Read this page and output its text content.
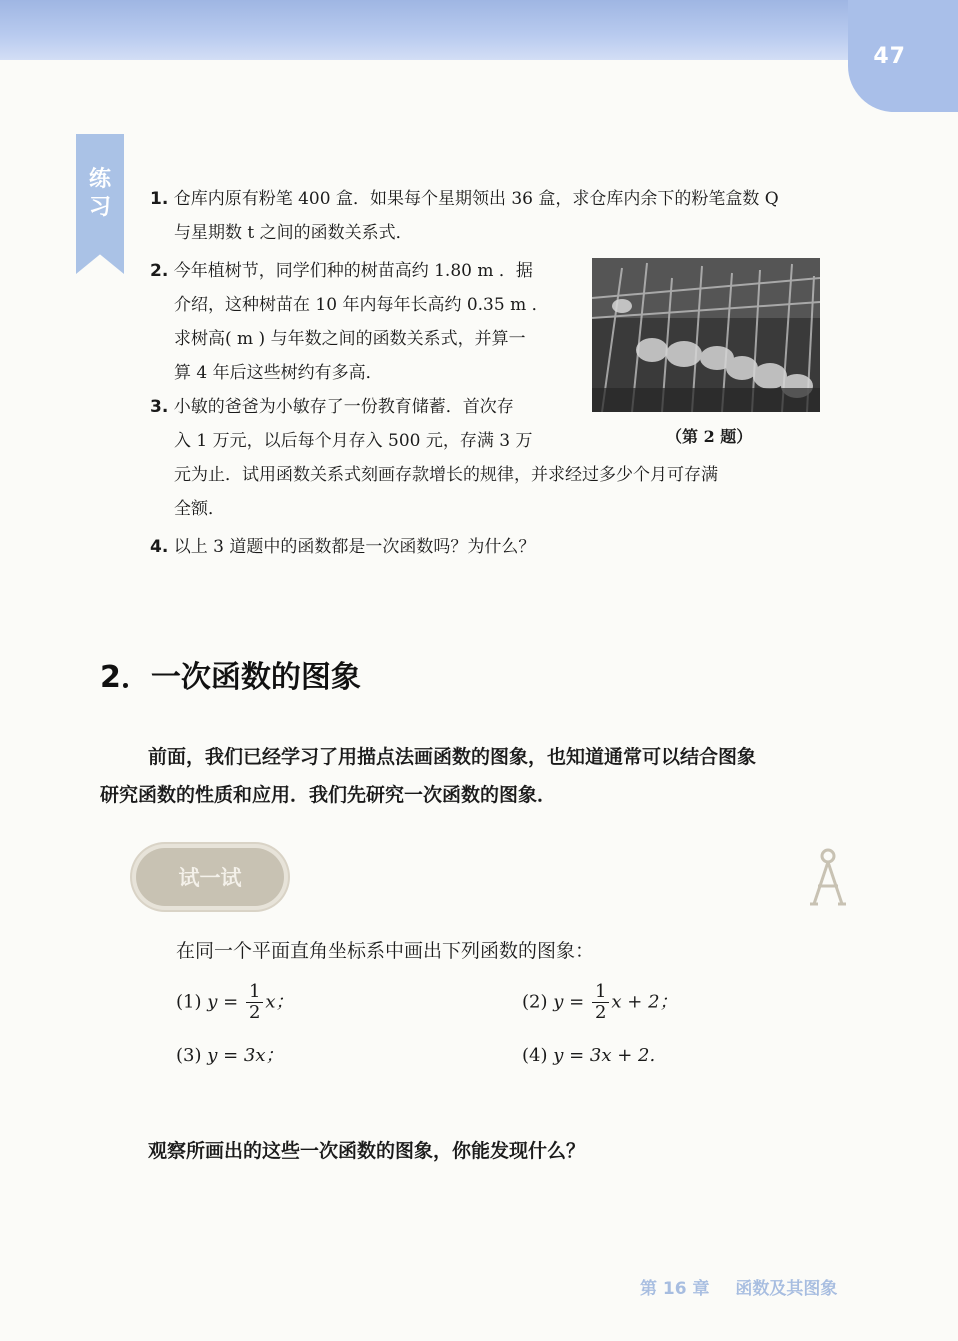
47
练
习	1. 仓库内原有粉笔 400 盒．如果每个星期领出 36 盒，求仓库内余下的粉笔盒数 Q
与星期数 t 之间的函数关系式．
2. 今年植树节，同学们种的树苗高约 1.80 m ．据
介绍，这种树苗在 10 年内每年长高约 0.35 m ．
求树高( m ) 与年数之间的函数关系式，并算一
算 4 年后这些树约有多高．
（第 2 题）
3. 小敏的爸爸为小敏存了一份教育储蓄．首次存
入 1 万元，以后每个月存入 500 元，存满 3 万
元为止．试用函数关系式刻画存款增长的规律，并求经过多少个月可存满
全额．
4. 以上 3 道题中的函数都是一次函数吗？为什么？
2．一次函数的图象
前面，我们已经学习了用描点法画函数的图象，也知道通常可以结合图象
研究函数的性质和应用．我们先研究一次函数的图象．
试一试
在同一个平面直角坐标系中画出下列函数的图象：
(1) $y = \frac{1}{2}$ x；	(2) $y = \frac{1}{2}$ x + 2；
(3) y = 3x；	(4) y = 3x + 2.
观察所画出的这些一次函数的图象，你能发现什么？
第 16 章 函数及其图象
